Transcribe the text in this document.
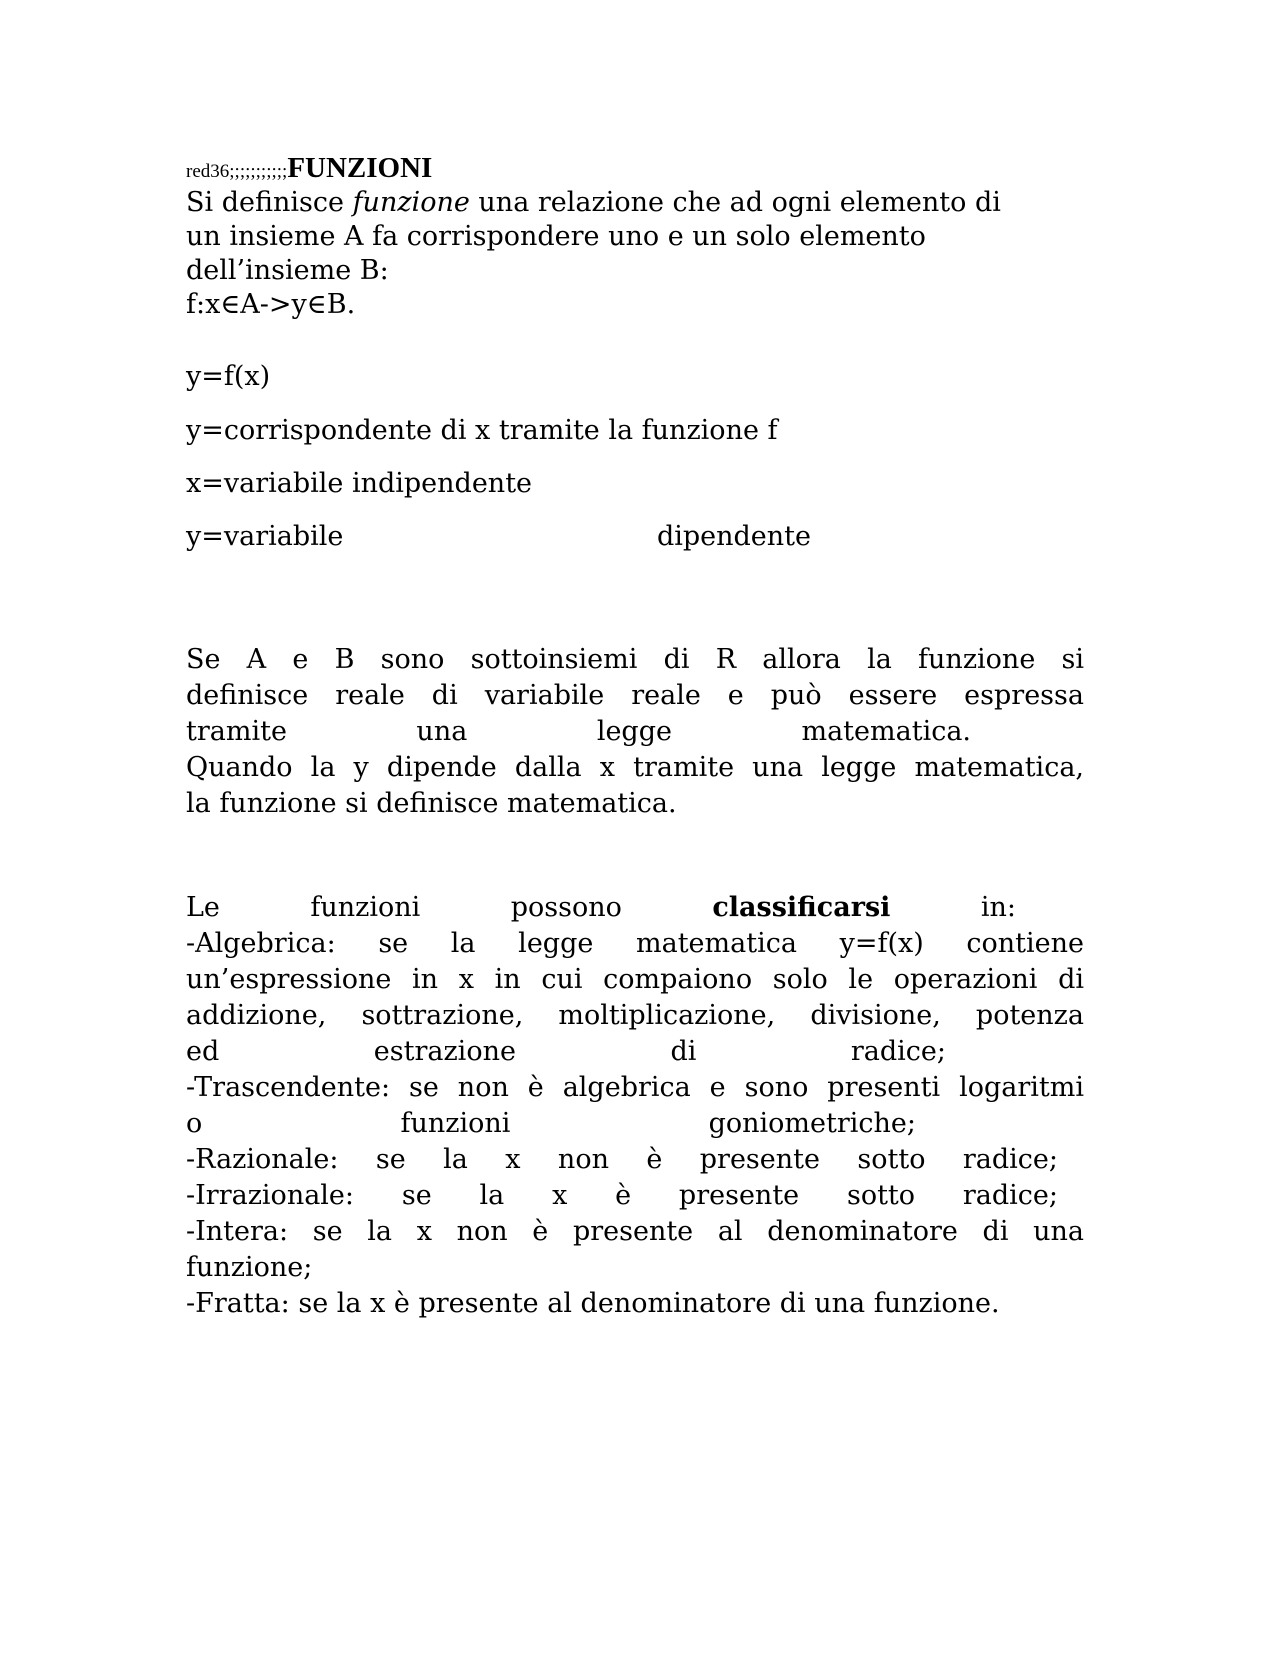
red36;;;;;;;;;;;FUNZIONI

Si definisce funzione una relazione che ad ogni elemento di

un insieme A fa corrispondere uno e un solo elemento

dell’insieme B:

f:x∈A->y∈B.

y=f(x)

y=corrispondente di x tramite la funzione f

x=variabile indipendente

y=variabile	dipendente
Se A e B sono sottoinsiemi di R allora la funzione si
definisce reale di variabile reale e può essere espressa
tramite una legge matematica.
Quando la y dipende dalla x tramite una legge matematica,
la funzione si definisce matematica.
Le funzioni possono classificarsi in:
-Algebrica: se la legge matematica y=f(x) contiene
un’espressione in x in cui compaiono solo le operazioni di
addizione, sottrazione, moltiplicazione, divisione, potenza
ed estrazione di radice;
-Trascendente: se non è algebrica e sono presenti logaritmi
o funzioni goniometriche;
-Razionale: se la x non è presente sotto radice;
-Irrazionale: se la x è presente sotto radice;
-Intera: se la x non è presente al denominatore di una
funzione;
-Fratta: se la x è presente al denominatore di una funzione.
